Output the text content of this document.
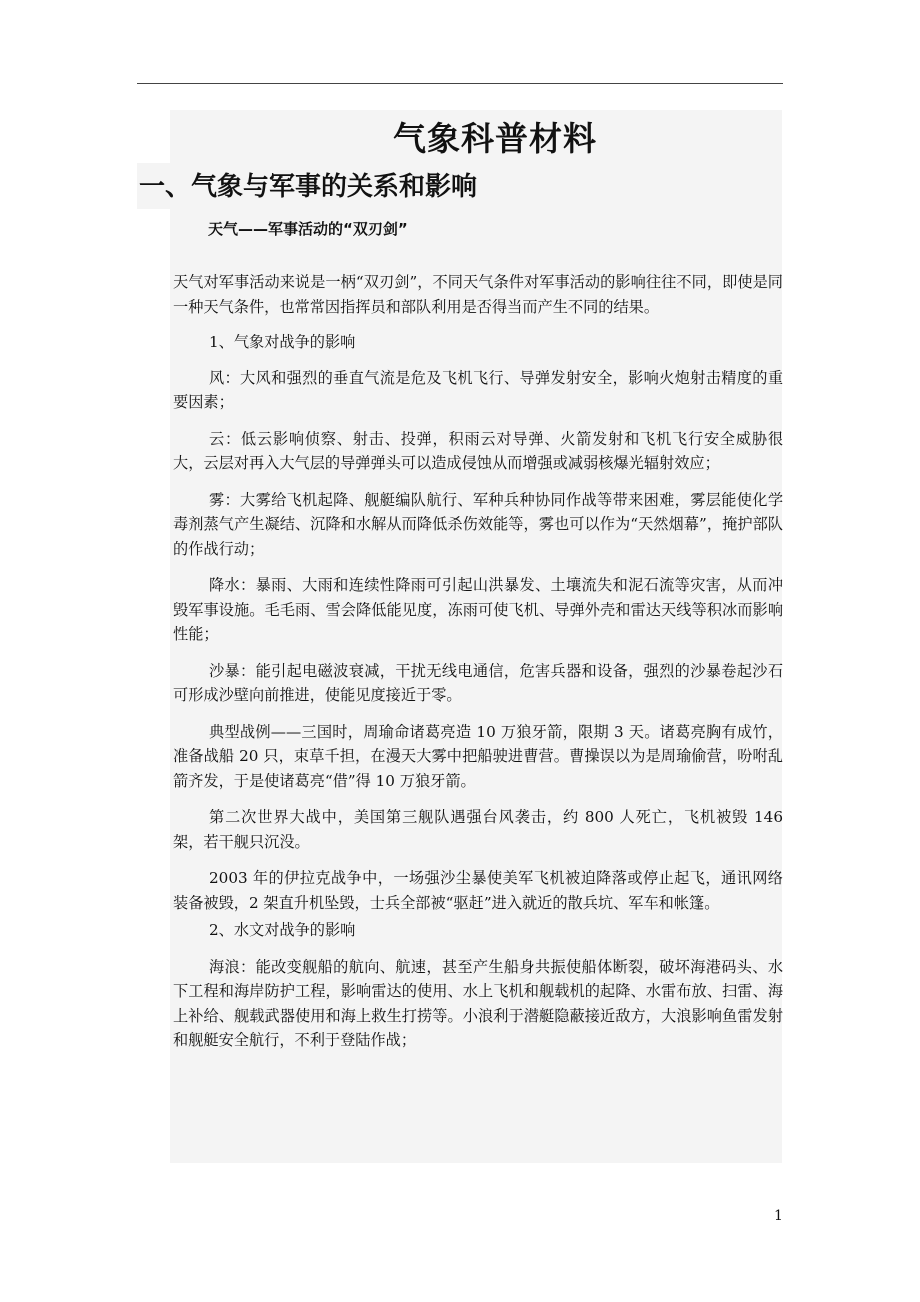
气象科普材料
一、气象与军事的关系和影响
天气——军事活动的“双刃剑”

天气对军事活动来说是一柄“双刃剑”，不同天气条件对军事活动的影响往往不同，即使是同一种天气条件，也常常因指挥员和部队利用是否得当而产生不同的结果。

1、气象对战争的影响

风：大风和强烈的垂直气流是危及飞机飞行、导弹发射安全，影响火炮射击精度的重要因素；

云：低云影响侦察、射击、投弹，积雨云对导弹、火箭发射和飞机飞行安全威胁很大，云层对再入大气层的导弹弹头可以造成侵蚀从而增强或减弱核爆光辐射效应；

雾：大雾给飞机起降、舰艇编队航行、军种兵种协同作战等带来困难，雾层能使化学毒剂蒸气产生凝结、沉降和水解从而降低杀伤效能等，雾也可以作为“天然烟幕”，掩护部队的作战行动；

降水：暴雨、大雨和连续性降雨可引起山洪暴发、土壤流失和泥石流等灾害，从而冲毁军事设施。毛毛雨、雪会降低能见度，冻雨可使飞机、导弹外壳和雷达天线等积冰而影响性能；

沙暴：能引起电磁波衰减，干扰无线电通信，危害兵器和设备，强烈的沙暴卷起沙石可形成沙壁向前推进，使能见度接近于零。

典型战例——三国时，周瑜命诸葛亮造 10 万狼牙箭，限期 3 天。诸葛亮胸有成竹，准备战船 20 只，束草千担，在漫天大雾中把船驶进曹营。曹操误以为是周瑜偷营，吩咐乱箭齐发，于是使诸葛亮“借”得 10 万狼牙箭。

第二次世界大战中，美国第三舰队遇强台风袭击，约 800 人死亡，飞机被毁 146 架，若干舰只沉没。

2003 年的伊拉克战争中，一场强沙尘暴使美军飞机被迫降落或停止起飞，通讯网络装备被毁，2 架直升机坠毁，士兵全部被“驱赶”进入就近的散兵坑、军车和帐篷。

2、水文对战争的影响

海浪：能改变舰船的航向、航速，甚至产生船身共振使船体断裂，破坏海港码头、水下工程和海岸防护工程，影响雷达的使用、水上飞机和舰载机的起降、水雷布放、扫雷、海上补给、舰载武器使用和海上救生打捞等。小浪利于潜艇隐蔽接近敌方，大浪影响鱼雷发射和舰艇安全航行，不利于登陆作战；

1
